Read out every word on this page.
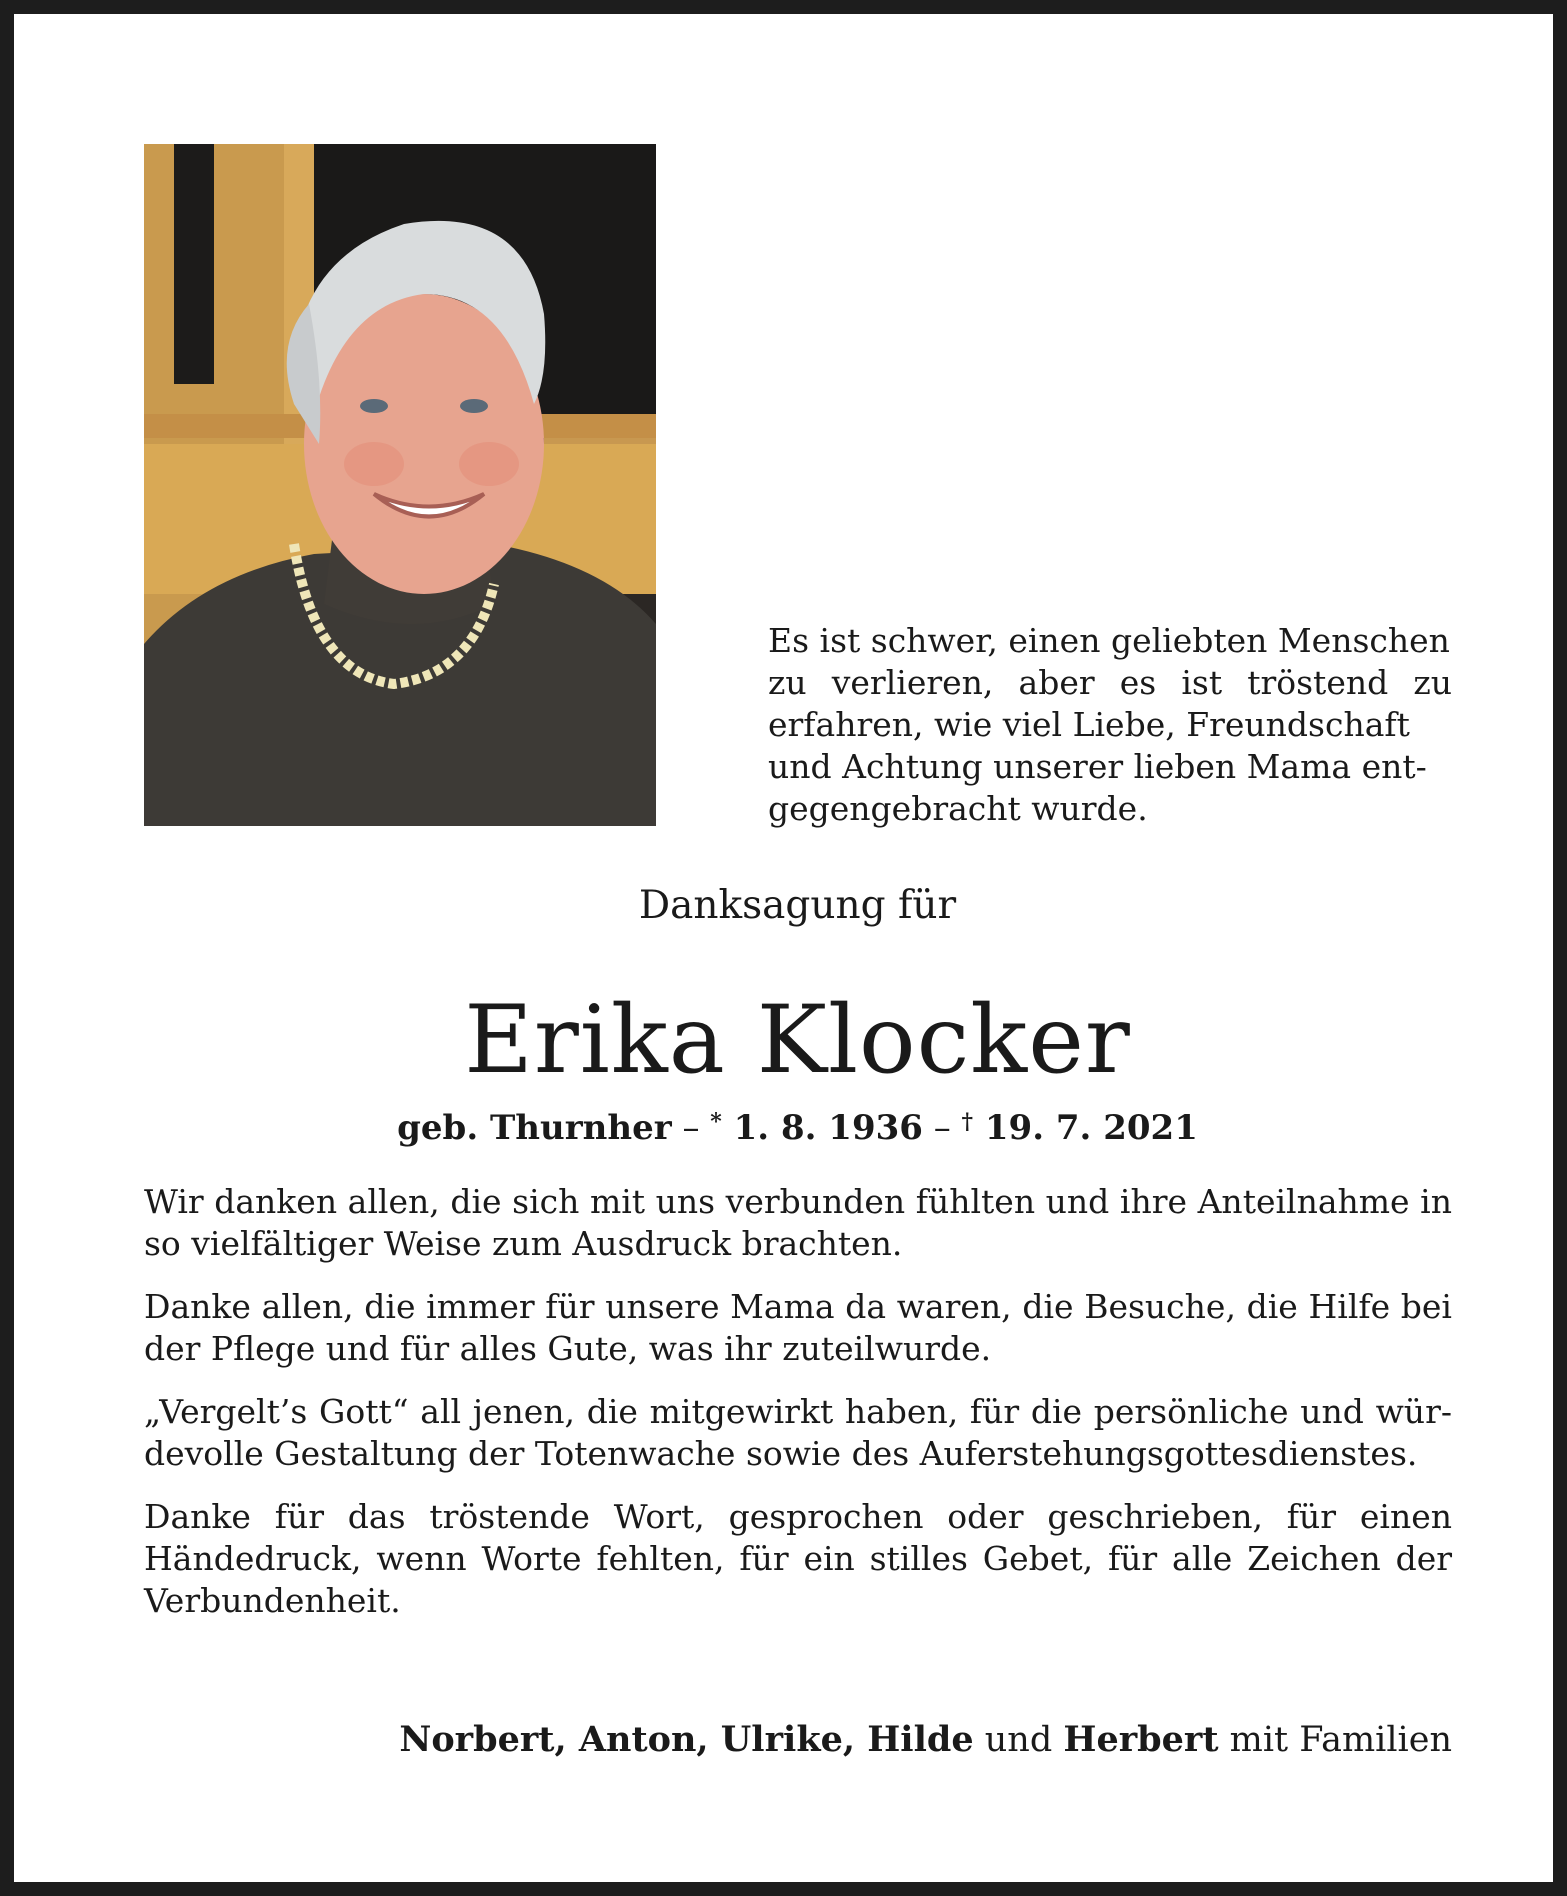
Es ist schwer, einen geliebten Menschen
zu verlieren, aber es ist tröstend zu
erfahren, wie viel Liebe, Freundschaft
und Achtung unserer lieben Mama ent-
gegengebracht wurde.
Danksagung für
Erika Klocker
geb. Thurnher – * 1. 8. 1936 – † 19. 7. 2021

Wir danken allen, die sich mit uns verbunden fühlten und ihre Anteilnahme in so vielfältiger Weise zum Ausdruck brachten.

Danke allen, die immer für unsere Mama da waren, die Besuche, die Hilfe bei der Pflege und für alles Gute, was ihr zuteilwurde.

„Vergelt’s Gott“ all jenen, die mitgewirkt haben, für die persönliche und wür-devolle Gestaltung der Totenwache sowie des Auferstehungsgottesdienstes.

Danke für das tröstende Wort, gesprochen oder geschrieben, für einen Händedruck, wenn Worte fehlten, für ein stilles Gebet, für alle Zeichen der Verbundenheit.

Norbert, Anton, Ulrike, Hilde und Herbert mit Familien
